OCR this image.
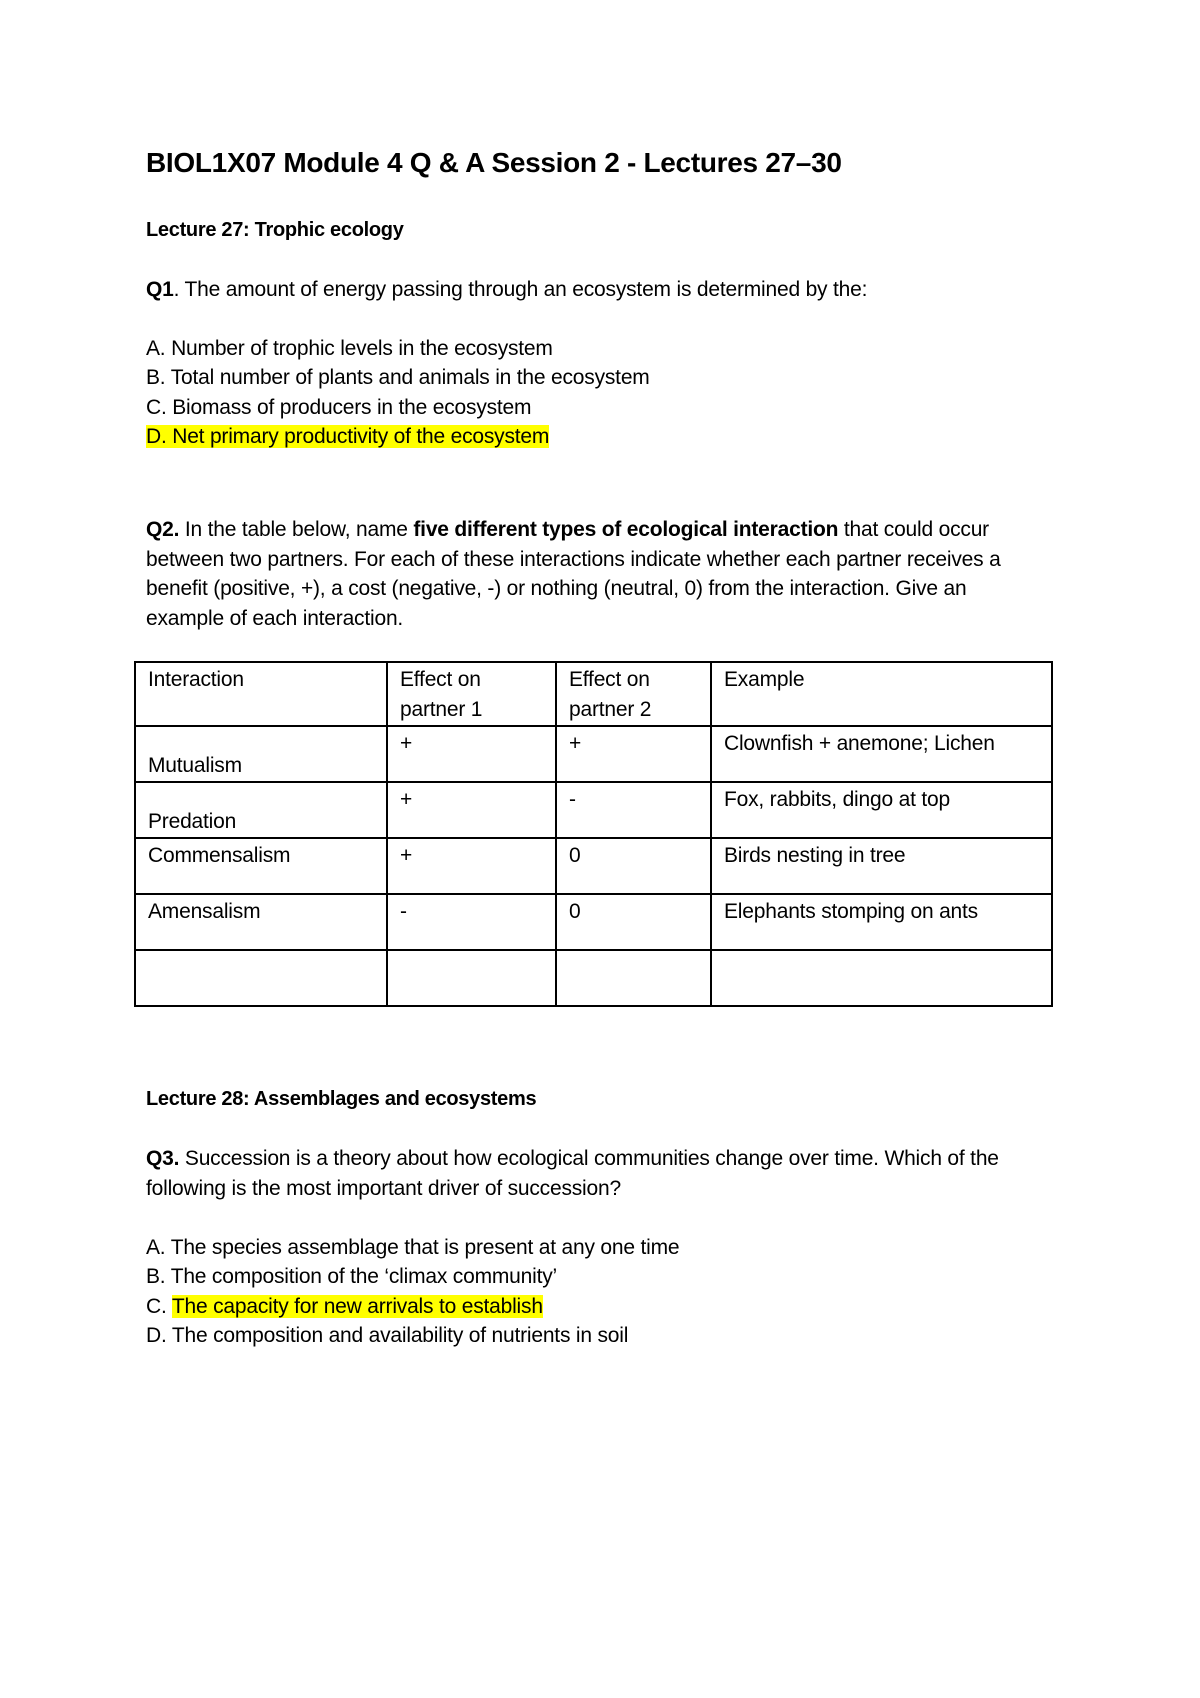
BIOL1X07 Module 4 Q & A Session 2 - Lectures 27–30
Lecture 27: Trophic ecology
Q1. The amount of energy passing through an ecosystem is determined by the:
A. Number of trophic levels in the ecosystem
B. Total number of plants and animals in the ecosystem
C. Biomass of producers in the ecosystem
D. Net primary productivity of the ecosystem
Q2. In the table below, name five different types of ecological interaction that could occur between two partners. For each of these interactions indicate whether each partner receives a benefit (positive, +), a cost (negative, -) or nothing (neutral, 0) from the interaction. Give an example of each interaction.
Interaction	Effect on partner 1	Effect on partner 2	Example
Mutualism	+	+	Clownfish + anemone; Lichen
Predation	+	-	Fox, rabbits, dingo at top
Commensalism	+	0	Birds nesting in tree
Amensalism	-	0	Elephants stomping on ants

Lecture 28: Assemblages and ecosystems
Q3. Succession is a theory about how ecological communities change over time. Which of the following is the most important driver of succession?
A. The species assemblage that is present at any one time
B. The composition of the ‘climax community’
C. The capacity for new arrivals to establish
D. The composition and availability of nutrients in soil
